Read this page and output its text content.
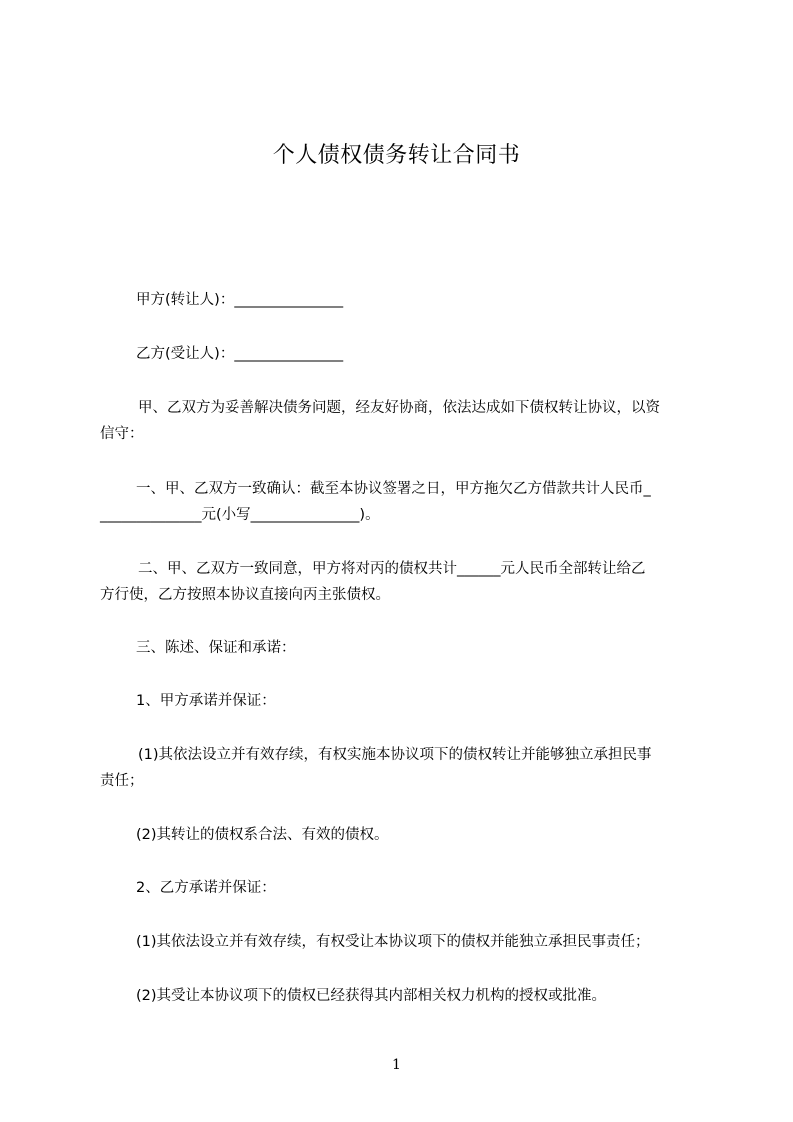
个人债权债务转让合同书
甲方(转让人)：_______________
乙方(受让人)：_______________
甲、乙双方为妥善解决债务问题，经友好协商，依法达成如下债权转让协议，以资
信守：
一、甲、乙双方一致确认：截至本协议签署之日，甲方拖欠乙方借款共计人民币_
______________元(小写_______________)。
二、甲、乙双方一致同意，甲方将对丙的债权共计______元人民币全部转让给乙
方行使，乙方按照本协议直接向丙主张债权。
三、陈述、保证和承诺：
1、甲方承诺并保证：
(1)其依法设立并有效存续，有权实施本协议项下的债权转让并能够独立承担民事
责任；
(2)其转让的债权系合法、有效的债权。
2、乙方承诺并保证：
(1)其依法设立并有效存续，有权受让本协议项下的债权并能独立承担民事责任；
(2)其受让本协议项下的债权已经获得其内部相关权力机构的授权或批准。
1
